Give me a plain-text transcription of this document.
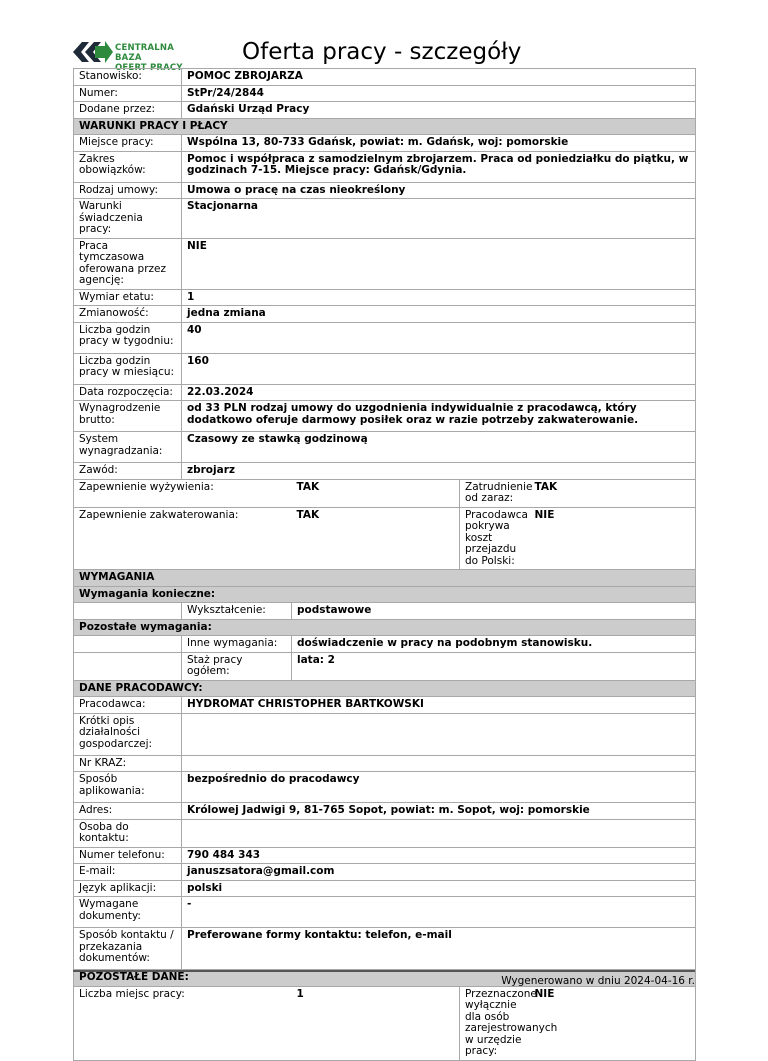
CENTRALNA BAZA
OFERT PRACY
Oferta pracy - szczegóły
Stanowisko:	POMOC ZBROJARZA			
Numer:	StPr/24/2844			
Dodane przez:	Gdański Urząd Pracy			
WARUNKI PRACY I PŁACY				
Miejsce pracy:	Wspólna 13, 80-733 Gdańsk, powiat: m. Gdańsk, woj: pomorskie			
Zakres obowiązków:	Pomoc i współpraca z samodzielnym zbrojarzem. Praca od poniedziałku do piątku, w godzinach 7-15. Miejsce pracy: Gdańsk/Gdynia.			
Rodzaj umowy:	Umowa o pracę na czas nieokreślony			
Warunki świadczenia pracy:	Stacjonarna			
Praca tymczasowa oferowana przez agencję:	NIE			
Wymiar etatu:	1			
Zmianowość:	jedna zmiana			
Liczba godzin pracy w tygodniu:	40			
Liczba godzin pracy w miesiącu:	160			
Data rozpoczęcia:	22.03.2024			
Wynagrodzenie brutto:	od 33 PLN rodzaj umowy do uzgodnienia indywidualnie z pracodawcą, który dodatkowo oferuje darmowy posiłek oraz w razie potrzeby zakwaterowanie.			
System wynagradzania:	Czasowy ze stawką godzinową			
Zawód:	zbrojarz			
Zapewnienie wyżywienia:		TAK	Zatrudnienie od zaraz:	TAK
Zapewnienie zakwaterowania:		TAK	Pracodawca pokrywa koszt przejazdu do Polski:	NIE
WYMAGANIA				
Wymagania konieczne:				
	Wykształcenie:	podstawowe		
Pozostałe wymagania:				
	Inne wymagania:	doświadczenie w pracy na podobnym stanowisku.		
	Staż pracy ogółem:	lata: 2		
DANE PRACODAWCY:				
Pracodawca:	HYDROMAT CHRISTOPHER BARTKOWSKI			
Krótki opis działalności gospodarczej:				
Nr KRAZ:				
Sposób aplikowania:	bezpośrednio do pracodawcy			
Adres:	Królowej Jadwigi 9, 81-765 Sopot, powiat: m. Sopot, woj: pomorskie			
Osoba do kontaktu:				
Numer telefonu:	790 484 343			
E-mail:	januszsatora@gmail.com			
Język aplikacji:	polski			
Wymagane dokumenty:	-			
Sposób kontaktu / przekazania dokumentów:	Preferowane formy kontaktu: telefon, e-mail			
POZOSTAŁE DANE:				
Liczba miejsc pracy:		1	Przeznaczone wyłącznie dla osób zarejestrowanych w urzędzie pracy:	NIE
Wygenerowano w dniu 2024-04-16 r.
